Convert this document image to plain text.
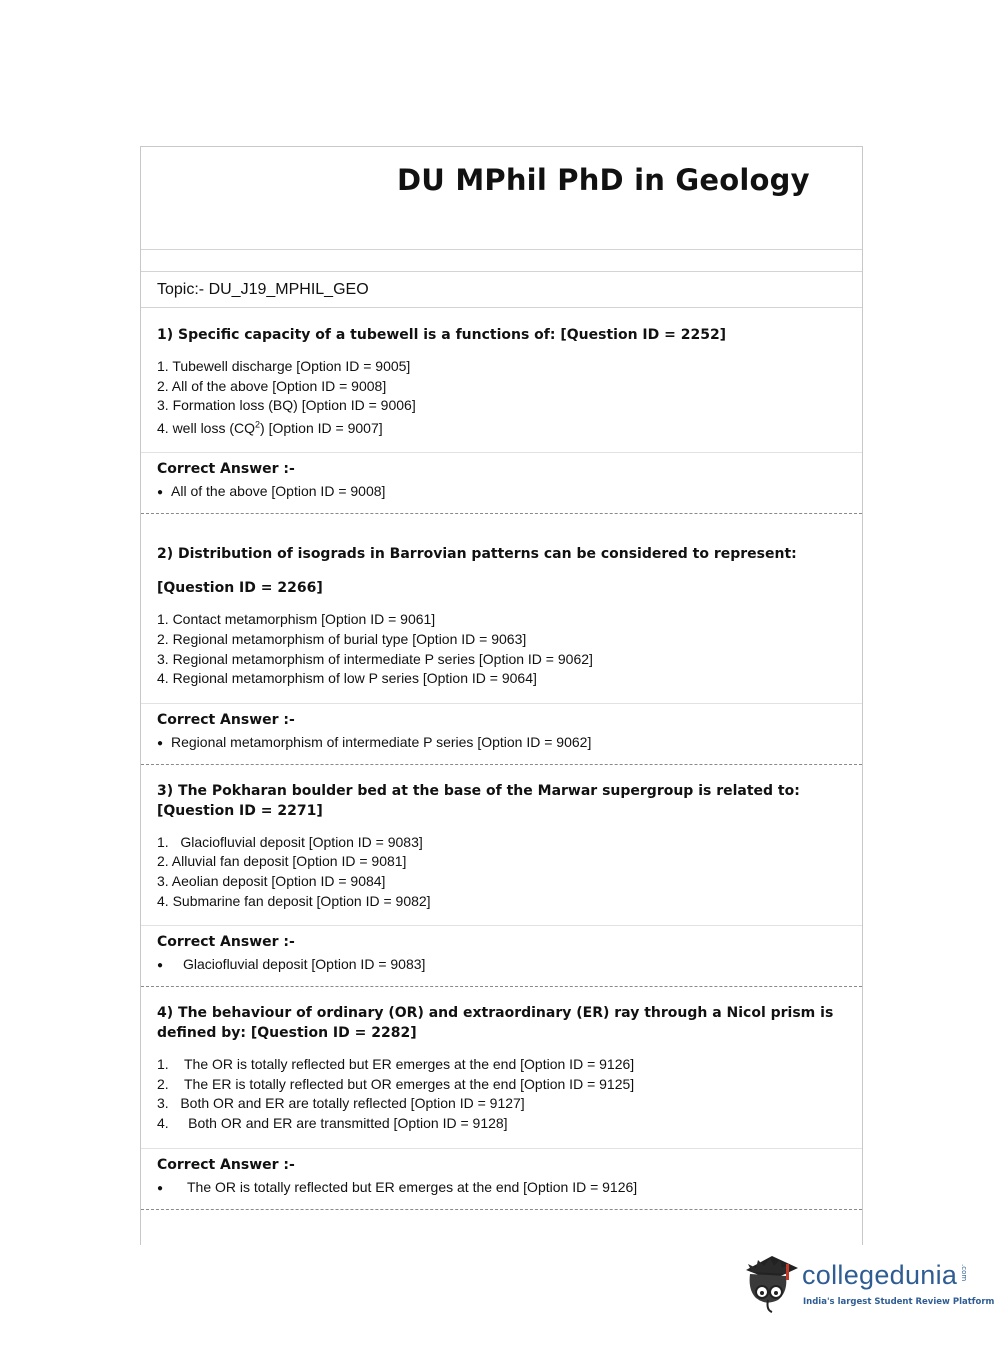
DU MPhil PhD in Geology
Topic:- DU_J19_MPHIL_GEO

1) Specific capacity of a tubewell is a functions of: [Question ID = 2252]

1. Tubewell discharge [Option ID = 9005]
2. All of the above [Option ID = 9008]
3. Formation loss (BQ) [Option ID = 9006]
4. well loss $(CQ^2)$ [Option ID = 9007]
Correct Answer :-
● All of the above [Option ID = 9008]

2) Distribution of isograds in Barrovian patterns can be considered to represent:

[Question ID = 2266]

1. Contact metamorphism [Option ID = 9061]
2. Regional metamorphism of burial type [Option ID = 9063]
3. Regional metamorphism of intermediate P series [Option ID = 9062]
4. Regional metamorphism of low P series [Option ID = 9064]
Correct Answer :-
● Regional metamorphism of intermediate P series [Option ID = 9062]

3) The Pokharan boulder bed at the base of the Marwar supergroup is related to: [Question ID = 2271]

1.   Glaciofluvial deposit [Option ID = 9083]
2. Alluvial fan deposit [Option ID = 9081]
3. Aeolian deposit [Option ID = 9084]
4. Submarine fan deposit [Option ID = 9082]
Correct Answer :-
● Glaciofluvial deposit [Option ID = 9083]

4) The behaviour of ordinary (OR) and extraordinary (ER) ray through a Nicol prism is defined by: [Question ID = 2282]

1.    The OR is totally reflected but ER emerges at the end [Option ID = 9126]
2.    The ER is totally reflected but OR emerges at the end [Option ID = 9125]
3.   Both OR and ER are totally reflected [Option ID = 9127]
4.     Both OR and ER are transmitted [Option ID = 9128]
Correct Answer :-
● The OR is totally reflected but ER emerges at the end [Option ID = 9126]
collegedunia .com
India's largest Student Review Platform
